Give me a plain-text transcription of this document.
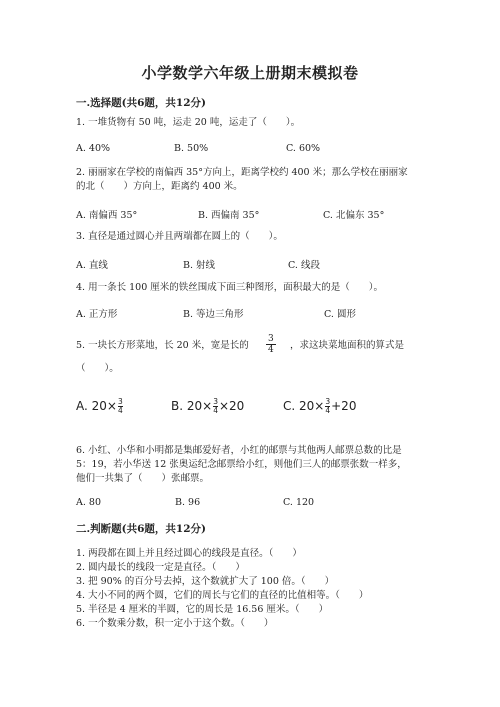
小学数学六年级上册期末模拟卷
一.选择题(共6题，共12分)
1. 一堆货物有 50 吨，运走 20 吨，运走了（　　）。
A. 40%	B. 50%	C. 60%
2. 丽丽家在学校的南偏西 35°方向上，距离学校约 400 米；那么学校在丽丽家
的北（　　）方向上，距离约 400 米。
A. 南偏西 35°	B. 西偏南 35°	C. 北偏东 35°
3. 直径是通过圆心并且两端都在圆上的（　　）。
A. 直线	B. 射线	C. 线段
4. 用一条长 100 厘米的铁丝围成下面三种图形，面积最大的是（　　）。
A. 正方形	B. 等边三角形	C. 圆形
5. 一块长方形菜地，长 20 米，宽是长的 $\frac{3}{4}$ ，求这块菜地面积的算式是
（　　）。
A. $20\times \frac{3}{4}$	B. $20\times \frac{3}{4} \times 20$	C. $20\times \frac{3}{4} +20$
6. 小红、小华和小明都是集邮爱好者，小红的邮票与其他两人邮票总数的比是
5：19，若小华送 12 张奥运纪念邮票给小红，则他们三人的邮票张数一样多，
他们一共集了（　　）张邮票。
A. 80	B. 96	C. 120
二.判断题(共6题，共12分)
1. 两段都在圆上并且经过圆心的线段是直径。（　　）
2. 圆内最长的线段一定是直径。（　　）
3. 把 90% 的百分号去掉，这个数就扩大了 100 倍。（　　）
4. 大小不同的两个圆，它们的周长与它们的直径的比值相等。（　　）
5. 半径是 4 厘米的半圆，它的周长是 16.56 厘米。（　　）
6. 一个数乘分数，积一定小于这个数。（　　）
